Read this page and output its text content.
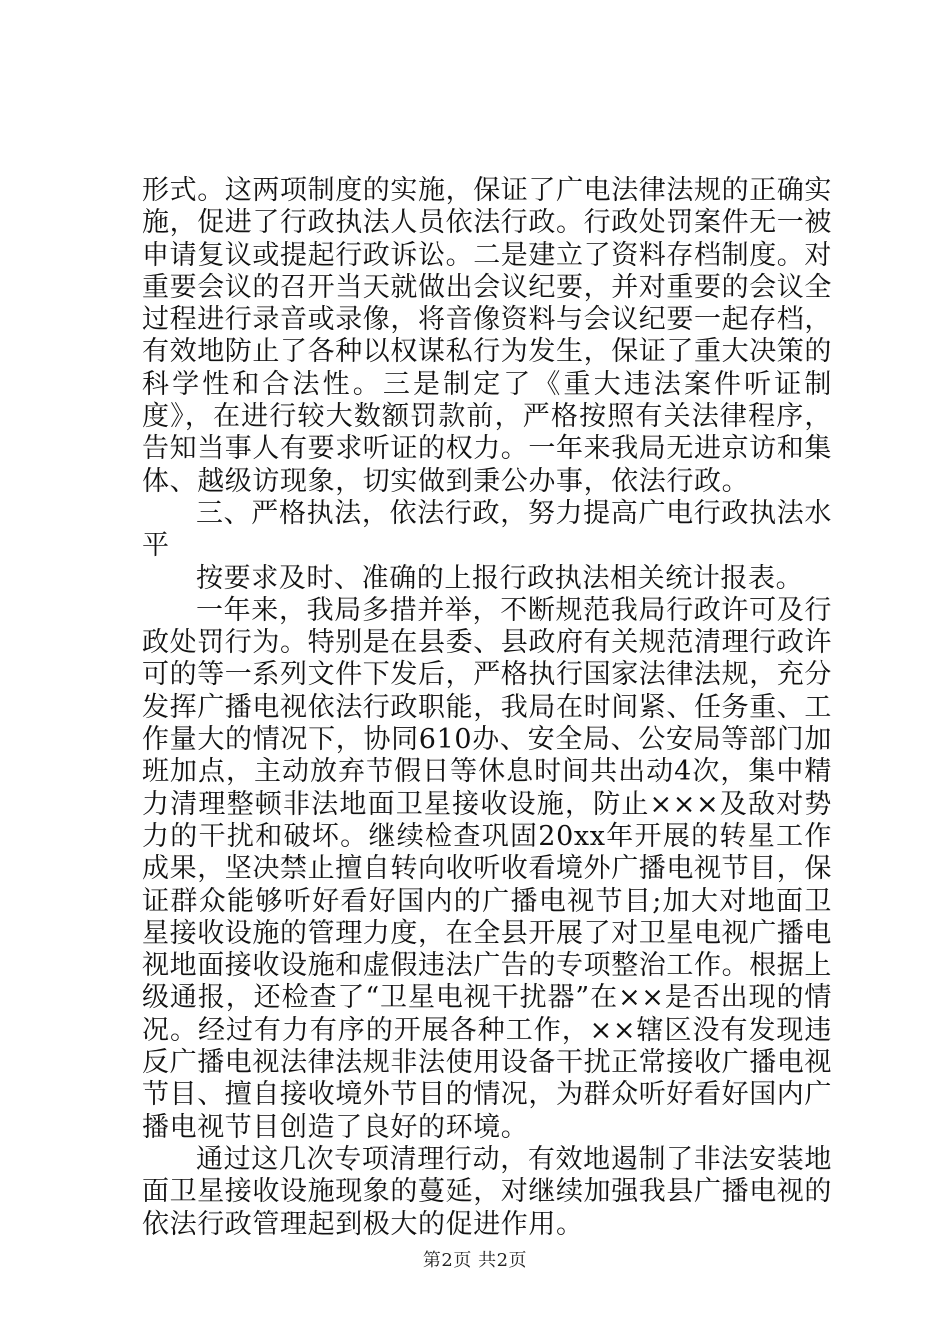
形式。这两项制度的实施，保证了广电法律法规的正确实施，促进了行政执法人员依法行政。行政处罚案件无一被申请复议或提起行政诉讼。二是建立了资料存档制度。对重要会议的召开当天就做出会议纪要，并对重要的会议全过程进行录音或录像，将音像资料与会议纪要一起存档，有效地防止了各种以权谋私行为发生，保证了重大决策的科学性和合法性。三是制定了《重大违法案件听证制度》，在进行较大数额罚款前，严格按照有关法律程序，告知当事人有要求听证的权力。一年来我局无进京访和集体、越级访现象，切实做到秉公办事，依法行政。

三、严格执法，依法行政，努力提高广电行政执法水平

按要求及时、准确的上报行政执法相关统计报表。

一年来，我局多措并举，不断规范我局行政许可及行政处罚行为。特别是在县委、县政府有关规范清理行政许可的等一系列文件下发后，严格执行国家法律法规，充分发挥广播电视依法行政职能，我局在时间紧、任务重、工作量大的情况下，协同610办、安全局、公安局等部门加班加点，主动放弃节假日等休息时间共出动4次，集中精力清理整顿非法地面卫星接收设施，防止×××及敌对势力的干扰和破坏。继续检查巩固20xx年开展的转星工作成果，坚决禁止擅自转向收听收看境外广播电视节目，保证群众能够听好看好国内的广播电视节目;加大对地面卫星接收设施的管理力度，在全县开展了对卫星电视广播电视地面接收设施和虚假违法广告的专项整治工作。根据上级通报，还检查了“卫星电视干扰器”在××是否出现的情况。经过有力有序的开展各种工作，××辖区没有发现违反广播电视法律法规非法使用设备干扰正常接收广播电视节目、擅自接收境外节目的情况，为群众听好看好国内广播电视节目创造了良好的环境。

通过这几次专项清理行动，有效地遏制了非法安装地面卫星接收设施现象的蔓延，对继续加强我县广播电视的依法行政管理起到极大的促进作用。

第2页 共2页
